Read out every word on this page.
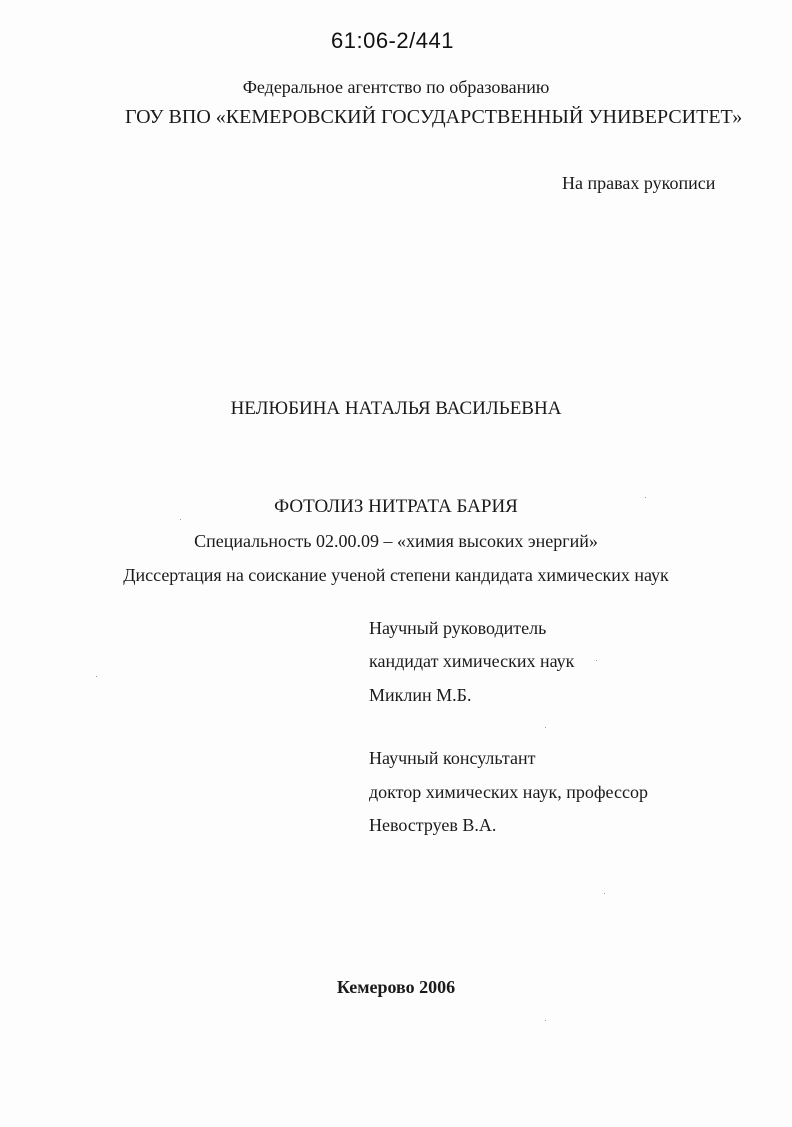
61:06-2/441
Федеральное агентство по образованию
ГОУ ВПО «КЕМЕРОВСКИЙ ГОСУДАРСТВЕННЫЙ УНИВЕРСИТЕТ»
На правах рукописи
НЕЛЮБИНА НАТАЛЬЯ ВАСИЛЬЕВНА
ФОТОЛИЗ НИТРАТА БАРИЯ
Специальность 02.00.09 – «химия высоких энергий»
Диссертация на соискание ученой степени кандидата химических наук
Научный руководитель
кандидат химических наук
Миклин М.Б.
Научный консультант
доктор химических наук, профессор
Невоструев В.А.
Кемерово 2006
